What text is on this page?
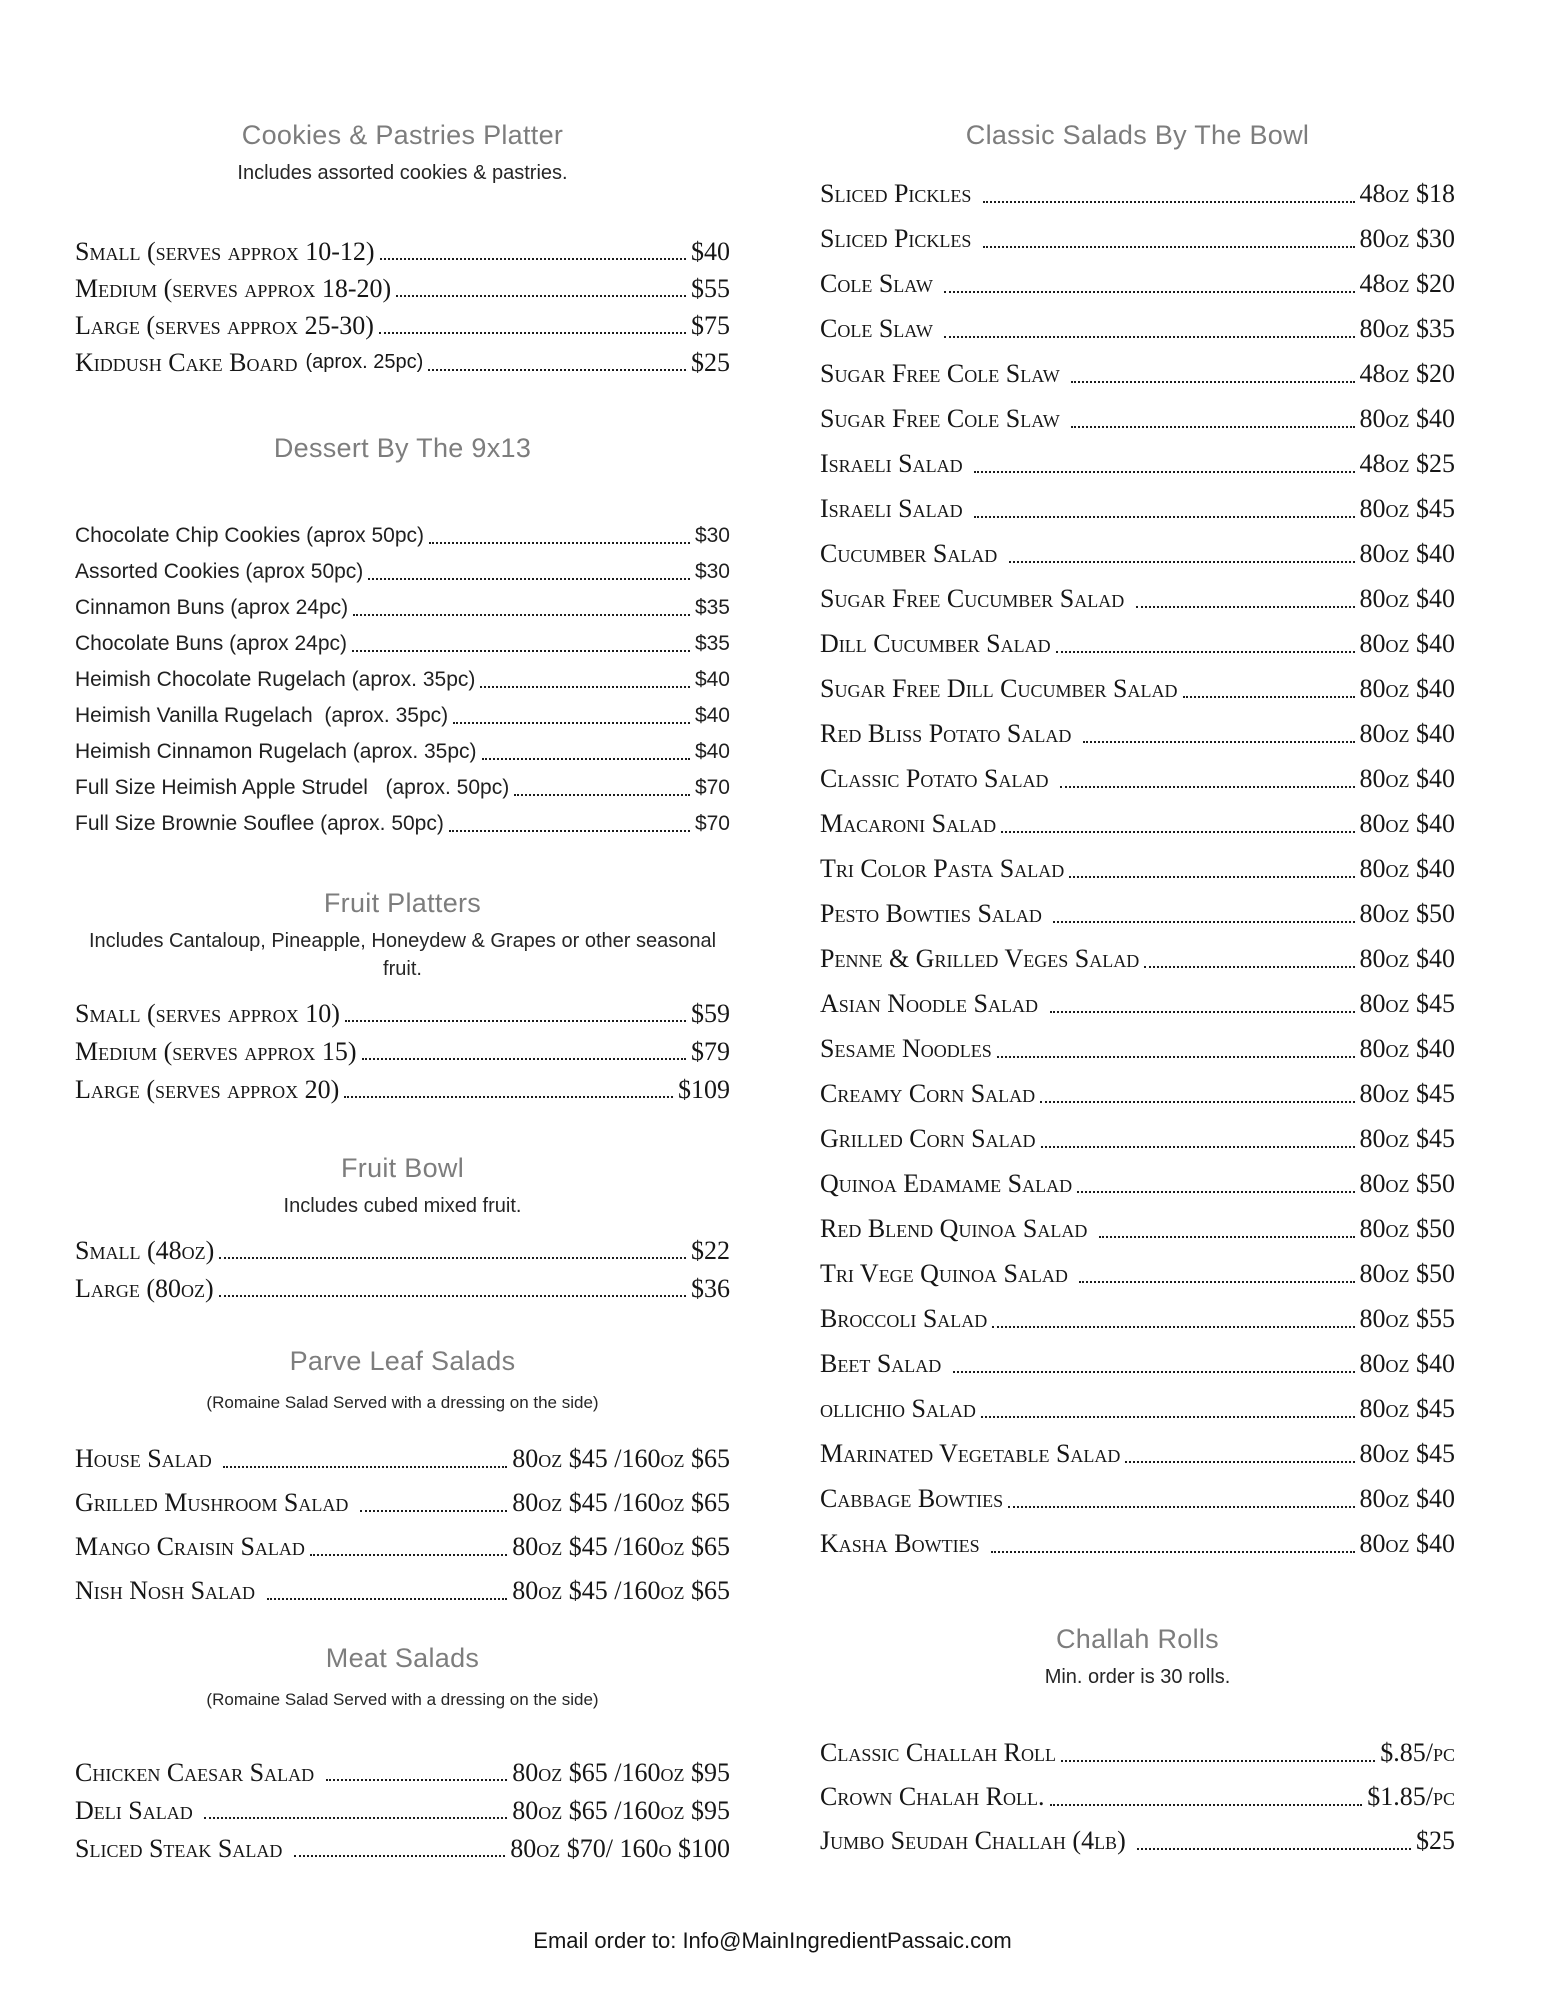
Cookies & Pastries Platter

Includes assorted cookies & pastries.

Small (serves approx 10-12)	$40
Medium (serves approx 18-20)	$55
Large (serves approx 25-30)	$75
Kiddush Cake Board (aprox. 25pc)	$25
Dessert By The 9x13
Chocolate Chip Cookies (aprox 50pc)	$30
Assorted Cookies (aprox 50pc)	$30
Cinnamon Buns (aprox 24pc)	$35
Chocolate Buns (aprox 24pc)	$35
Heimish Chocolate Rugelach (aprox. 35pc)	$40
Heimish Vanilla Rugelach  (aprox. 35pc)	$40
Heimish Cinnamon Rugelach (aprox. 35pc)	$40
Full Size Heimish Apple Strudel   (aprox. 50pc)	$70
Full Size Brownie Souflee (aprox. 50pc)	$70
Fruit Platters

Includes Cantaloup, Pineapple, Honeydew & Grapes or other seasonal fruit.

Small (serves approx 10)	$59
Medium (serves approx 15)	$79
Large (serves approx 20)	$109
Fruit Bowl

Includes cubed mixed fruit.

Small (48oz)	$22
Large (80oz)	$36
Parve Leaf Salads

(Romaine Salad Served with a dressing on the side)

House Salad	80oz $45 /160oz $65
Grilled Mushroom Salad	80oz $45 /160oz $65
Mango Craisin Salad	80oz $45 /160oz $65
Nish Nosh Salad	80oz $45 /160oz $65
Meat Salads

(Romaine Salad Served with a dressing on the side)

Chicken Caesar Salad	80oz $65 /160oz $95
Deli Salad	80oz $65 /160oz $95
Sliced Steak Salad	80oz $70/ 160o $100
Classic Salads By The Bowl
Sliced Pickles	48oz $18
Sliced Pickles	80oz $30
Cole Slaw	48oz $20
Cole Slaw	80oz $35
Sugar Free Cole Slaw	48oz $20
Sugar Free Cole Slaw	80oz $40
Israeli Salad	48oz $25
Israeli Salad	80oz $45
Cucumber Salad	80oz $40
Sugar Free Cucumber Salad	80oz $40
Dill Cucumber Salad	80oz $40
Sugar Free Dill Cucumber Salad	80oz $40
Red Bliss Potato Salad	80oz $40
Classic Potato Salad	80oz $40
Macaroni Salad	80oz $40
Tri Color Pasta Salad	80oz $40
Pesto Bowties Salad	80oz $50
Penne & Grilled Veges Salad	80oz $40
Asian Noodle Salad	80oz $45
Sesame Noodles	80oz $40
Creamy Corn Salad	80oz $45
Grilled Corn Salad	80oz $45
Quinoa Edamame Salad	80oz $50
Red Blend Quinoa Salad	80oz $50
Tri Vege Quinoa Salad	80oz $50
Broccoli Salad	80oz $55
Beet Salad	80oz $40
ollichio Salad	80oz $45
Marinated Vegetable Salad	80oz $45
Cabbage Bowties	80oz $40
Kasha Bowties	80oz $40
Challah Rolls

Min. order is 30 rolls.

Classic Challah Roll	$.85/pc
Crown Chalah Roll.	$1.85/pc
Jumbo Seudah Challah (4lb)	$25
Email order to: Info@MainIngredientPassaic.com
